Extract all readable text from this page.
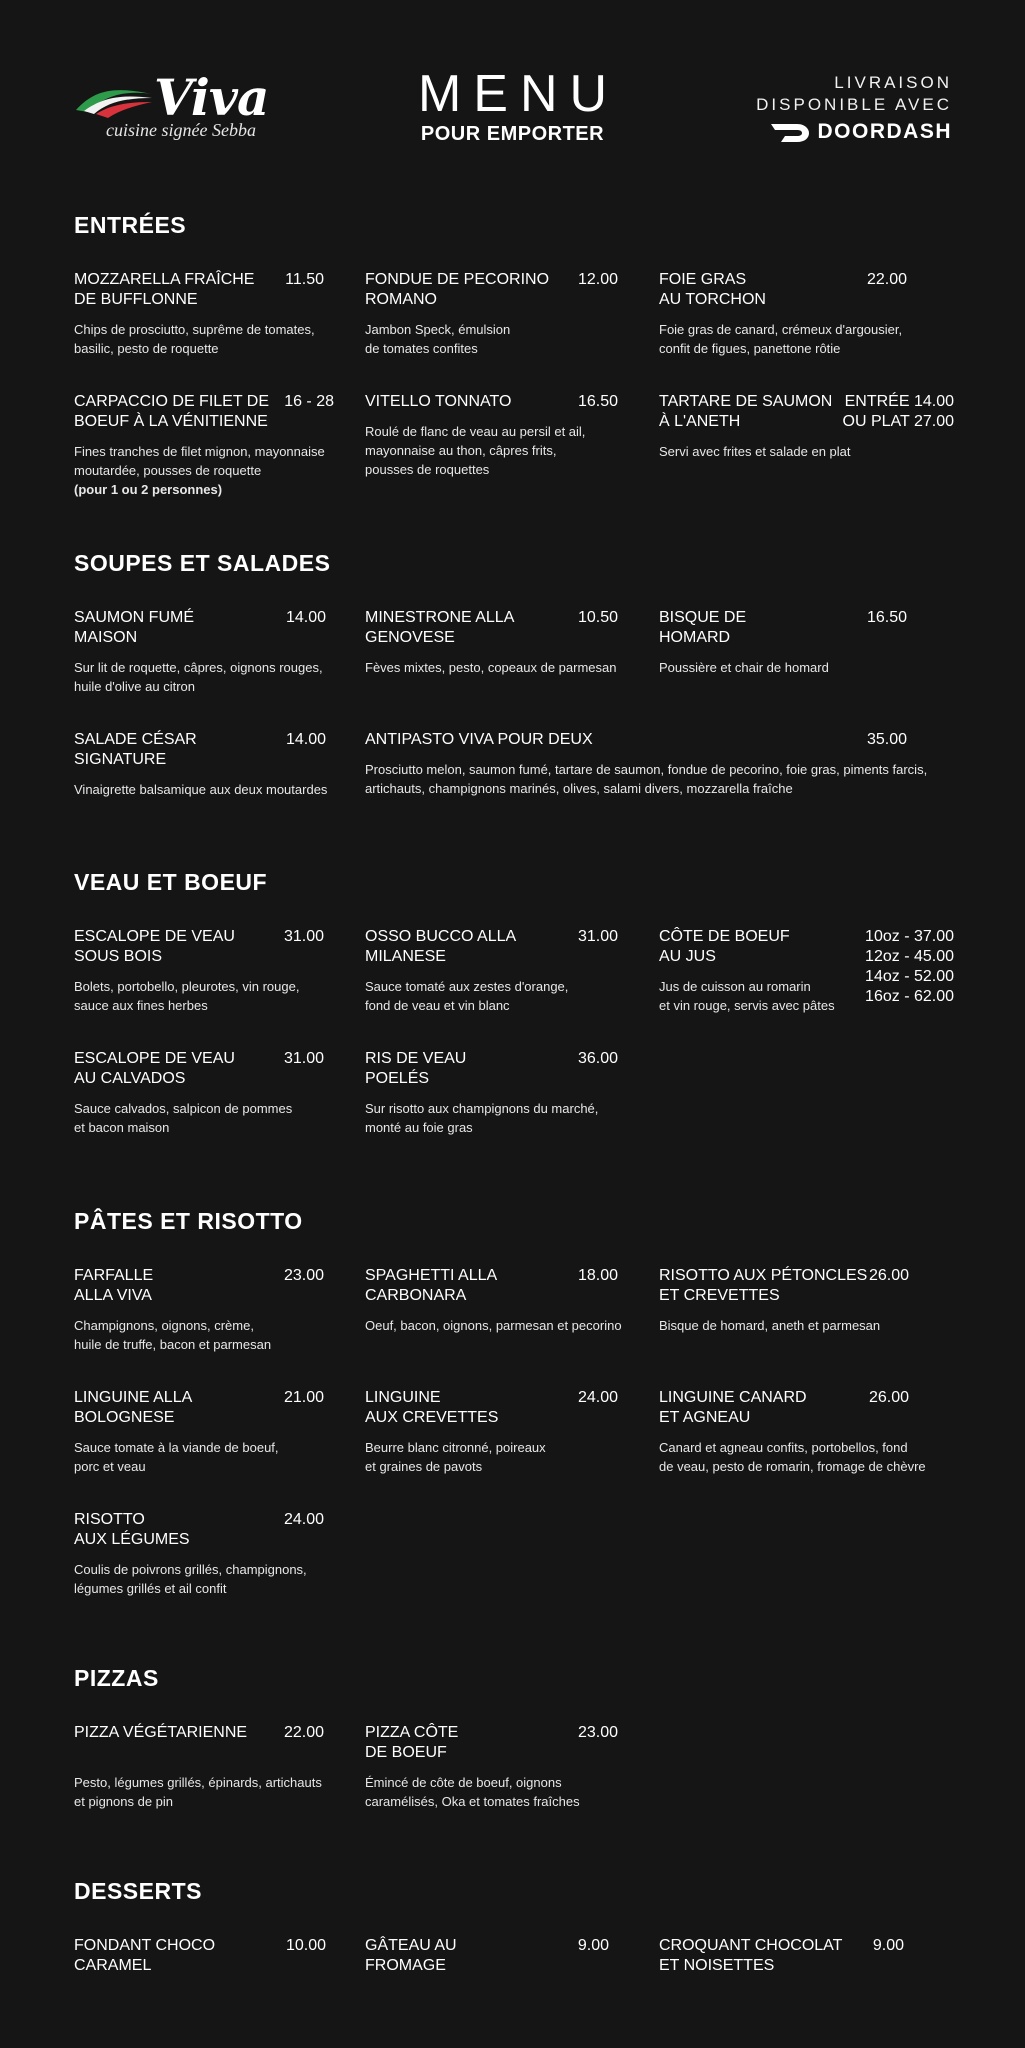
Viva
cuisine signée Sebba
MENU
POUR EMPORTER
LIVRAISON
DISPONIBLE AVEC
DOORDASH
ENTRÉES
MOZZARELLA FRAÎCHE
DE BUFFLONNE
11.50
Chips de prosciutto, suprême de tomates,
basilic, pesto de roquette
FONDUE DE PECORINO
ROMANO
12.00
Jambon Speck, émulsion
de tomates confites
FOIE GRAS
AU TORCHON
22.00
Foie gras de canard, crémeux d'argousier,
confit de figues, panettone rôtie
CARPACCIO DE FILET DE
BOEUF À LA VÉNITIENNE
16 - 28
Fines tranches de filet mignon, mayonnaise
moutardée, pousses de roquette
(pour 1 ou 2 personnes)
VITELLO TONNATO	16.50
Roulé de flanc de veau au persil et ail,
mayonnaise au thon, câpres frits,
pousses de roquettes
TARTARE DE SAUMON
À L'ANETH
ENTRÉE 14.00
OU PLAT 27.00
Servi avec frites et salade en plat
SOUPES ET SALADES
SAUMON FUMÉ
MAISON
14.00
Sur lit de roquette, câpres, oignons rouges,
huile d'olive au citron
MINESTRONE ALLA
GENOVESE
10.50
Fèves mixtes, pesto, copeaux de parmesan
BISQUE DE
HOMARD
16.50
Poussière et chair de homard
SALADE CÉSAR
SIGNATURE
14.00
Vinaigrette balsamique aux deux moutardes
ANTIPASTO VIVA POUR DEUX	35.00
Prosciutto melon, saumon fumé, tartare de saumon, fondue de pecorino, foie gras, piments farcis,
artichauts, champignons marinés, olives, salami divers, mozzarella fraîche
VEAU ET BOEUF
ESCALOPE DE VEAU
SOUS BOIS
31.00
Bolets, portobello, pleurotes, vin rouge,
sauce aux fines herbes
OSSO BUCCO ALLA
MILANESE
31.00
Sauce tomaté aux zestes d'orange,
fond de veau et vin blanc
CÔTE DE BOEUF
AU JUS
10oz - 37.00
12oz - 45.00
14oz - 52.00
16oz - 62.00
Jus de cuisson au romarin
et vin rouge, servis avec pâtes
ESCALOPE DE VEAU
AU CALVADOS
31.00
Sauce calvados, salpicon de pommes
et bacon maison
RIS DE VEAU
POELÉS
36.00
Sur risotto aux champignons du marché,
monté au foie gras
PÂTES ET RISOTTO
FARFALLE
ALLA VIVA
23.00
Champignons, oignons, crème,
huile de truffe, bacon et parmesan
SPAGHETTI ALLA
CARBONARA
18.00
Oeuf, bacon, oignons, parmesan et pecorino
RISOTTO AUX PÉTONCLES
ET CREVETTES
26.00
Bisque de homard, aneth et parmesan
LINGUINE ALLA
BOLOGNESE
21.00
Sauce tomate à la viande de boeuf,
porc et veau
LINGUINE
AUX CREVETTES
24.00
Beurre blanc citronné, poireaux
et graines de pavots
LINGUINE CANARD
ET AGNEAU
26.00
Canard et agneau confits, portobellos, fond
de veau, pesto de romarin, fromage de chèvre
RISOTTO
AUX LÉGUMES
24.00
Coulis de poivrons grillés, champignons,
légumes grillés et ail confit
PIZZAS
PIZZA VÉGÉTARIENNE 22.00
Pesto, légumes grillés, épinards, artichauts
et pignons de pin
PIZZA CÔTE
DE BOEUF
23.00
Émincé de côte de boeuf, oignons
caramélisés, Oka et tomates fraîches
DESSERTS
FONDANT CHOCO
CARAMEL
10.00 GÂTEAU AU
FROMAGE
9.00	CROQUANT CHOCOLAT
ET NOISETTES
9.00
